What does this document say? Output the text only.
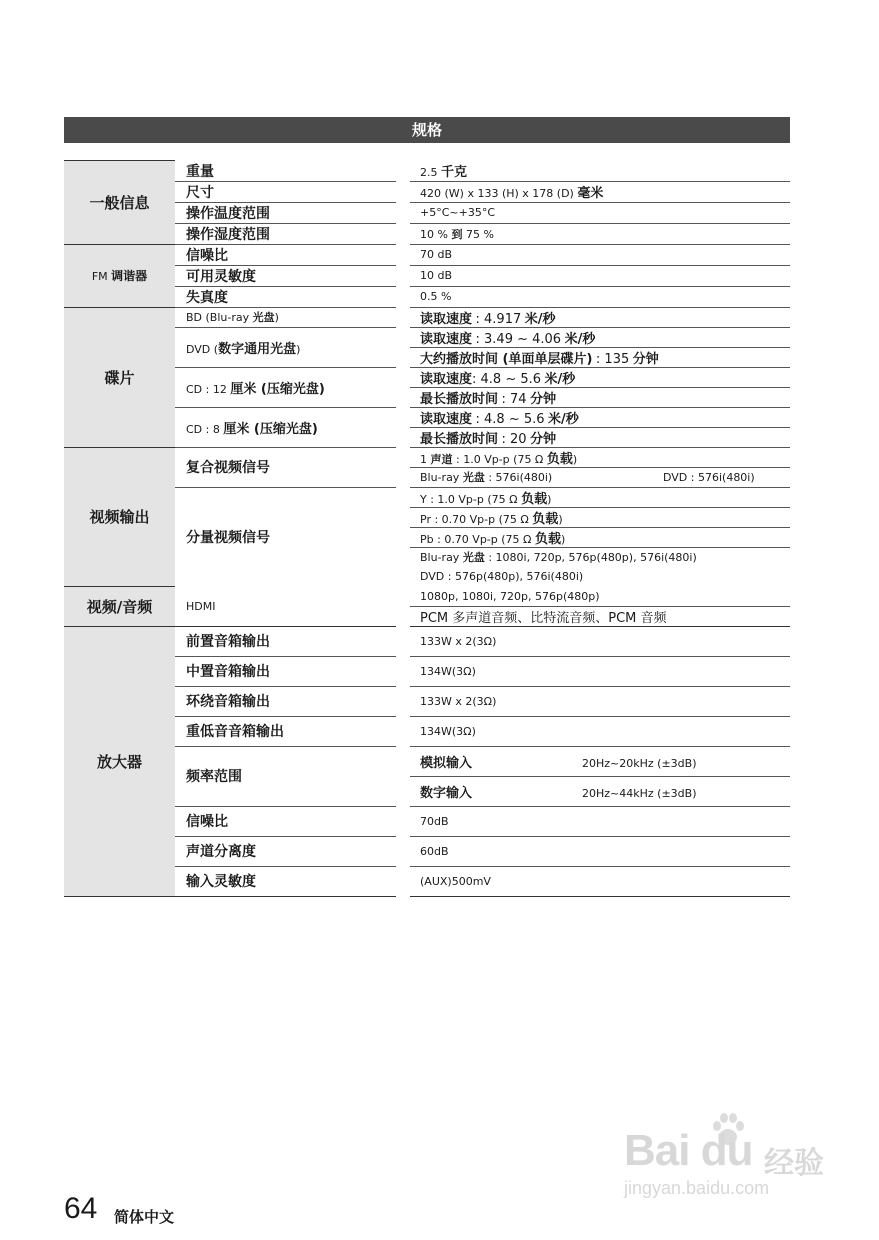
规格
一般信息	重量		2.5 千克
	尺寸		420 (W) x 133 (H) x 178 (D) 毫米
	操作温度范围		+5°C~+35°C
	操作湿度范围		10 % 到 75 %
FM 调谐器	信噪比		70 dB
	可用灵敏度		10 dB
	失真度		0.5 %
碟片	BD (Blu-ray 光盘)		读取速度 : 4.917 米/秒
	DVD (数字通用光盘)		读取速度 : 3.49 ~ 4.06 米/秒
			大约播放时间 (单面单层碟片) : 135 分钟
	CD : 12 厘米 (压缩光盘)		读取速度: 4.8 ~ 5.6 米/秒
			最长播放时间 : 74 分钟
	CD : 8 厘米 (压缩光盘)		读取速度 : 4.8 ~ 5.6 米/秒
			最长播放时间 : 20 分钟
视频输出	复合视频信号		1 声道 : 1.0 Vp-p (75 Ω 负载)
			Blu-ray 光盘 : 576i(480i) DVD : 576i(480i)
	分量视频信号		Y : 1.0 Vp-p (75 Ω 负载)
			Pr : 0.70 Vp-p (75 Ω 负载)
			Pb : 0.70 Vp-p (75 Ω 负载)
			Blu-ray 光盘 : 1080i, 720p, 576p(480p), 576i(480i)
			DVD : 576p(480p), 576i(480i)

视频/音频	HDMI		1080p, 1080i, 720p, 576p(480p)
			PCM 多声道音频、比特流音频、PCM 音频
放大器	前置音箱输出		133W x 2(3Ω)
	中置音箱输出		134W(3Ω)
	环绕音箱输出		133W x 2(3Ω)
	重低音音箱输出		134W(3Ω)
	频率范围		模拟输入 20Hz~20kHz (±3dB)
			数字输入 20Hz~44kHz (±3dB)
	信噪比		70dB
	声道分离度		60dB
	输入灵敏度		(AUX)500mV
64 简体中文
Bai du 经验
jingyan.baidu.com
